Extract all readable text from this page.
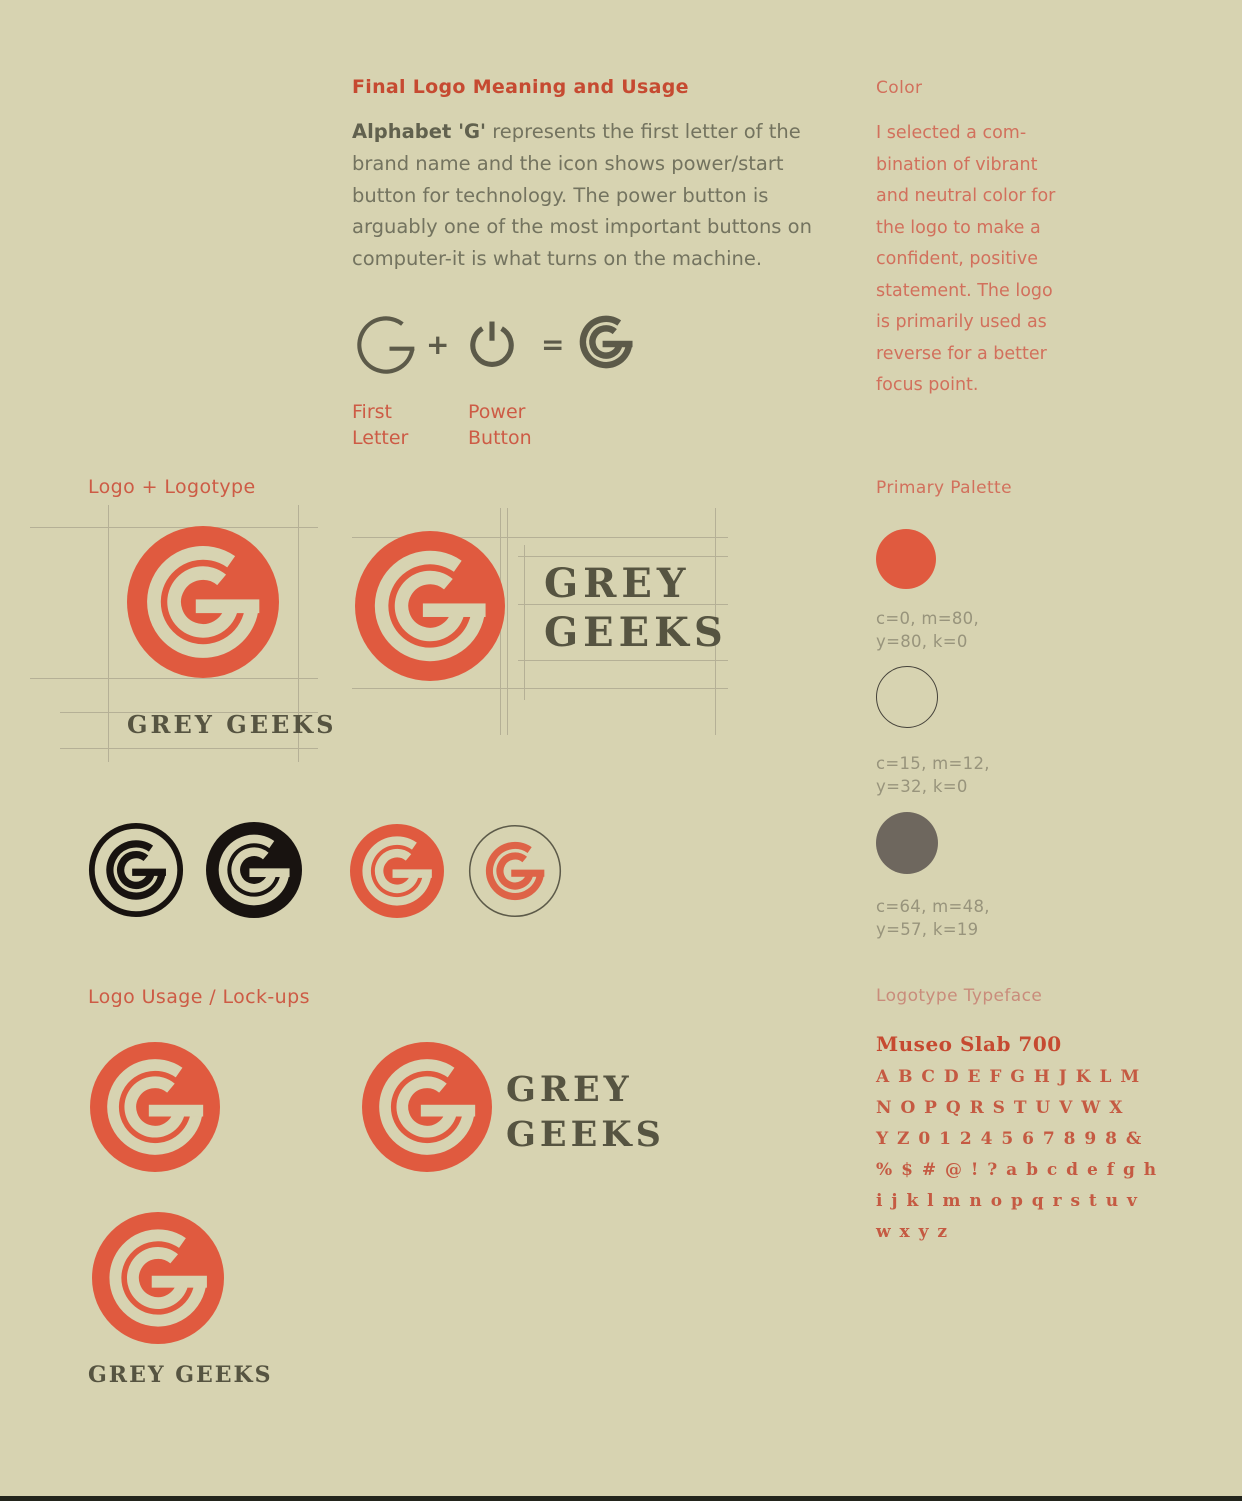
Final Logo Meaning and Usage
Alphabet 'G' represents the first letter of the
brand name and the icon shows power/start
button for technology. The power button is
arguably one of the most important buttons on
computer-it is what turns on the machine.
+	=
First
Letter
Power
Button
Color
I selected a com-
bination of vibrant
and neutral color for
the logo to make a
confident, positive
statement. The logo
is primarily used as
reverse for a better
focus point.
Logo + Logotype
GREY GEEKS
GREY
GEEKS
Primary Palette
c=0, m=80,
y=80, k=0
c=15, m=12,
y=32, k=0
c=64, m=48,
y=57, k=19
Logo Usage / Lock-ups
GREY
GEEKS
GREY GEEKS
Logotype Typeface
Museo Slab 700
A B C D E F G H J K L M
N O P Q R S T U V W X
Y Z 0 1 2 4 5 6 7 8 9 8 &
% $ # @ ! ? a b c d e f g h
i j k l m n o p q r s t u v
w x y z
